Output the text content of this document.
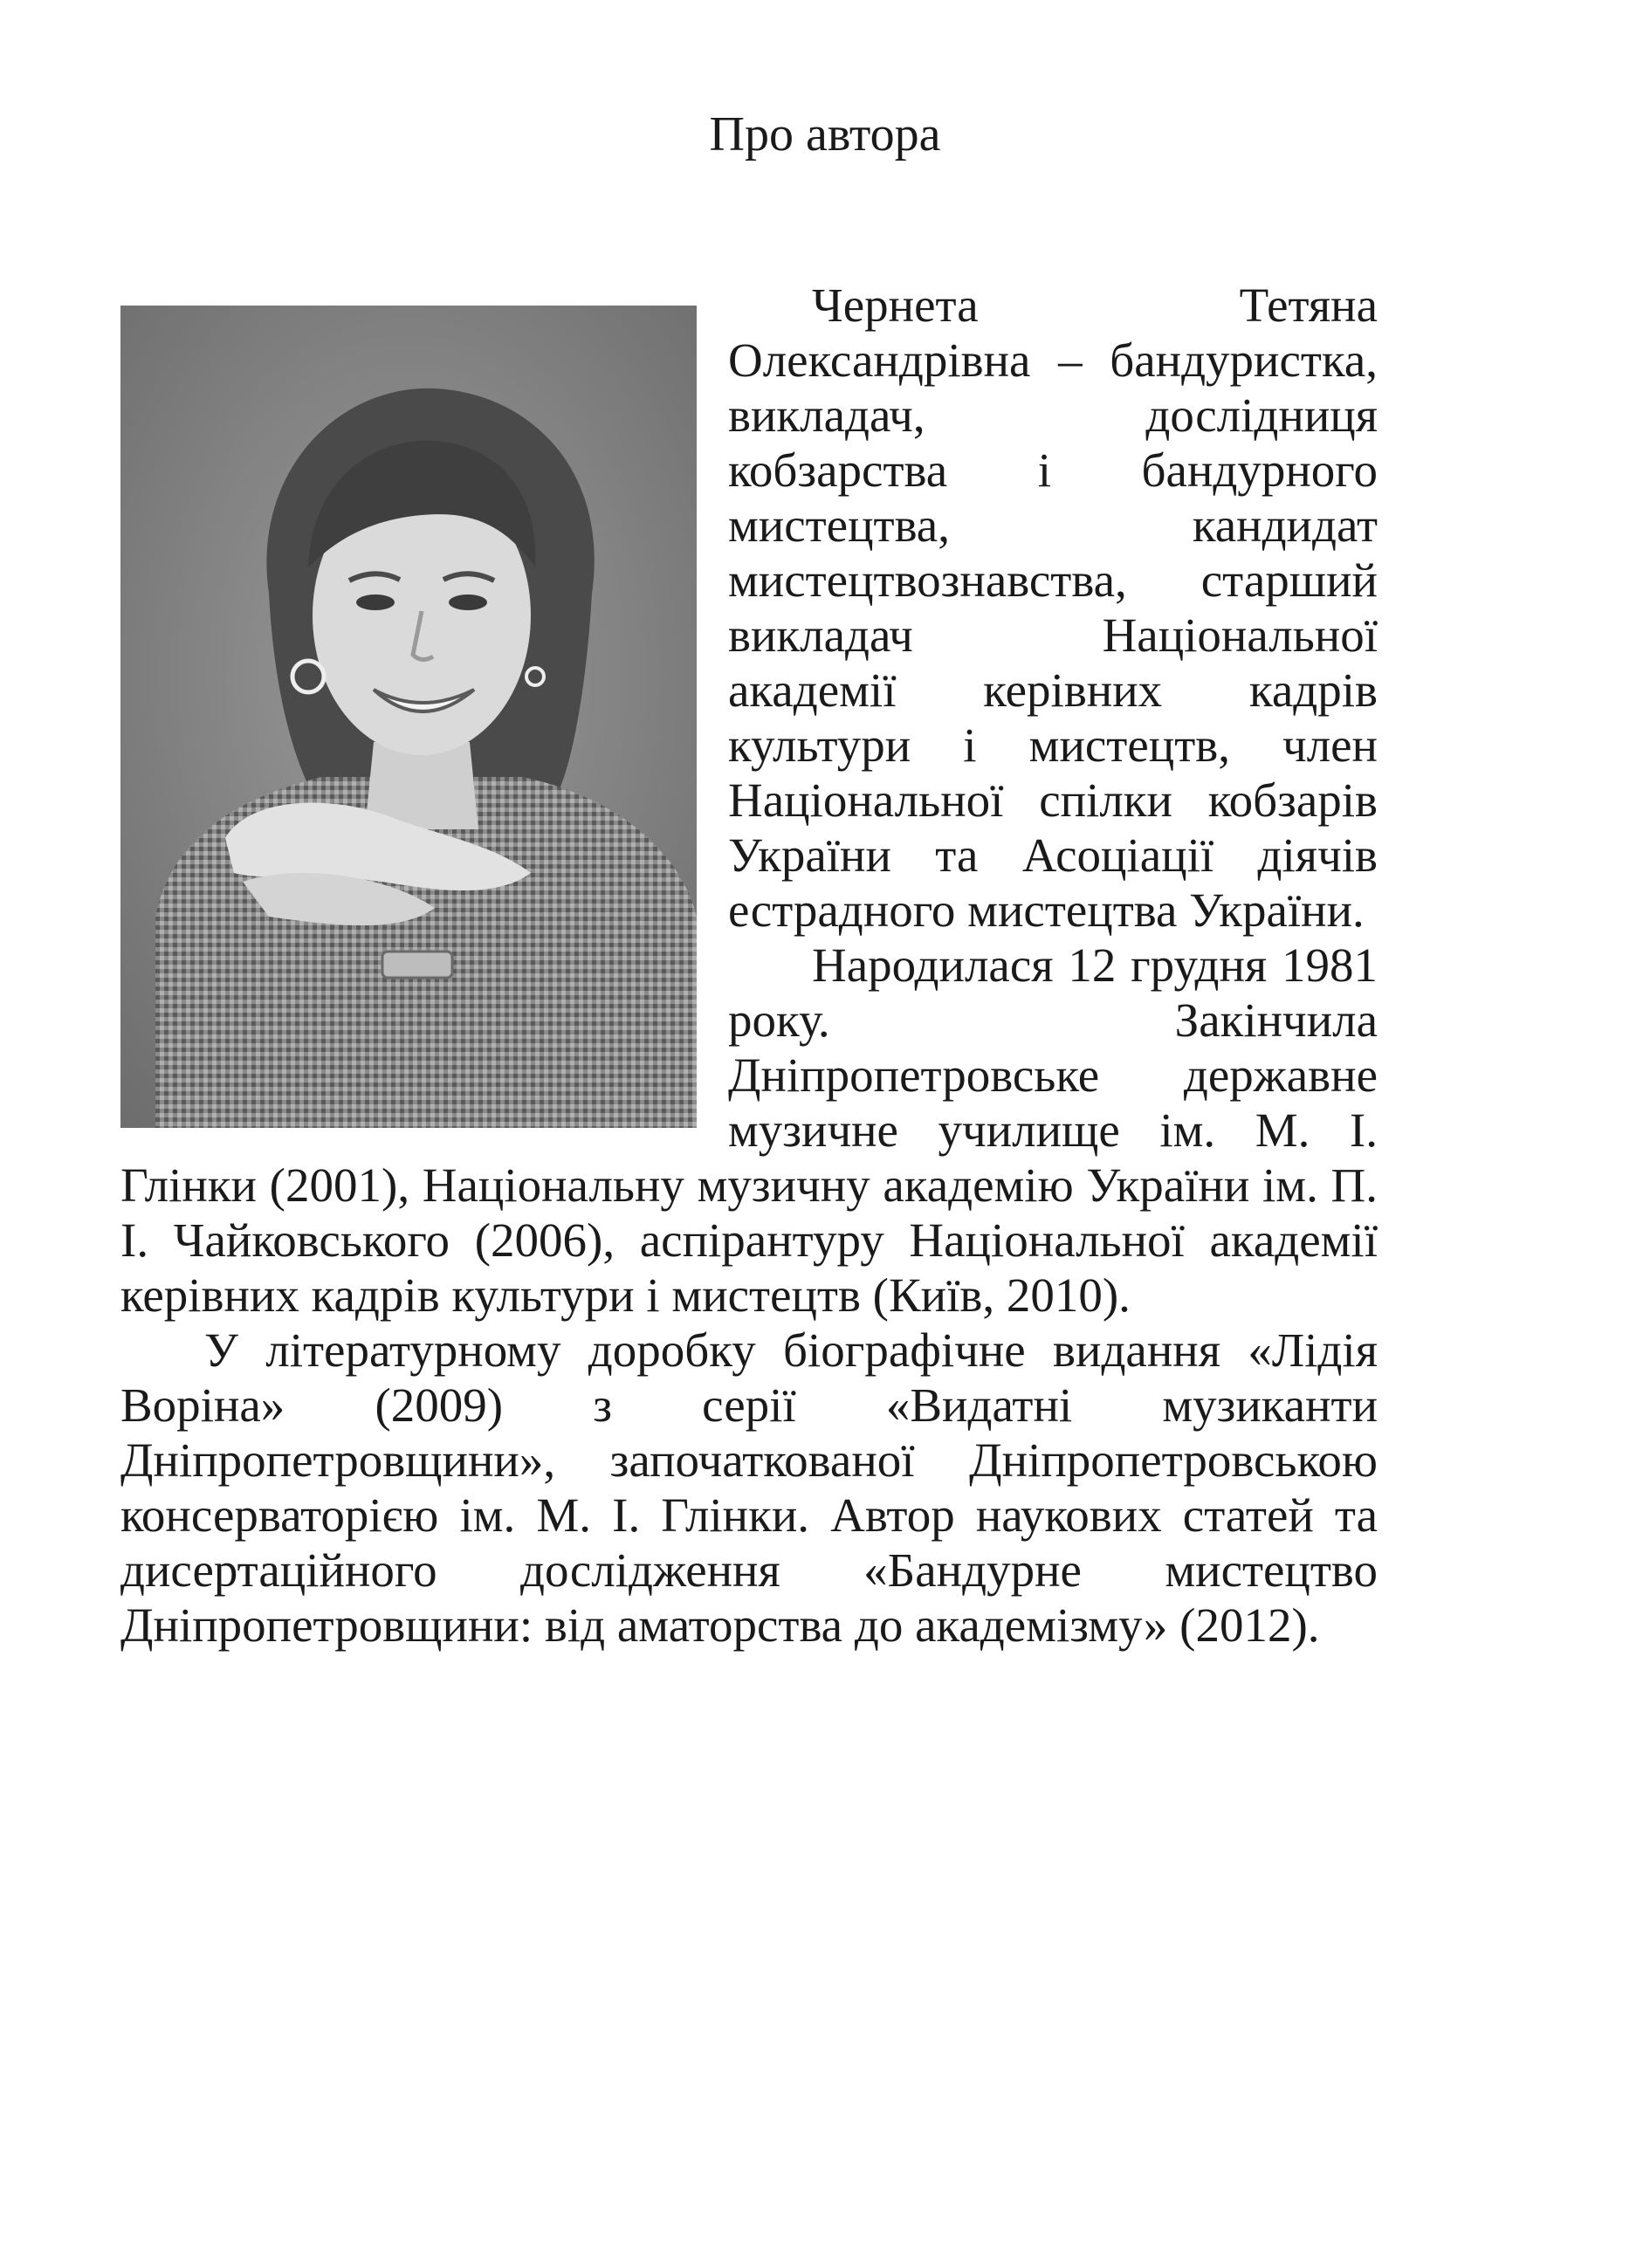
Про автора

Чернета Тетяна Олександрівна – бандуристка, викладач, дослідниця кобзарства і бандурного мистецтва, кандидат мистецтвознавства, старший викладач Національної академії керівних кадрів культури і мистецтв, член Національної спілки кобзарів України та Асоціації діячів естрадного мистецтва України.

Народилася 12 грудня 1981 року. Закінчила Дніпропетровське державне музичне училище ім. М. І. Глінки (2001), Національну музичну академію України ім. П. І. Чайковського (2006), аспірантуру Національної академії керівних кадрів культури і мистецтв (Київ, 2010).

У літературному доробку біографічне видання «Лідія Воріна» (2009) з серії «Видатні музиканти Дніпропетровщини», започаткованої Дніпропетровською консерваторією ім. М. І. Глінки. Автор наукових статей та дисертаційного дослідження «Бандурне мистецтво Дніпропетровщини: від аматорства до академізму» (2012).
